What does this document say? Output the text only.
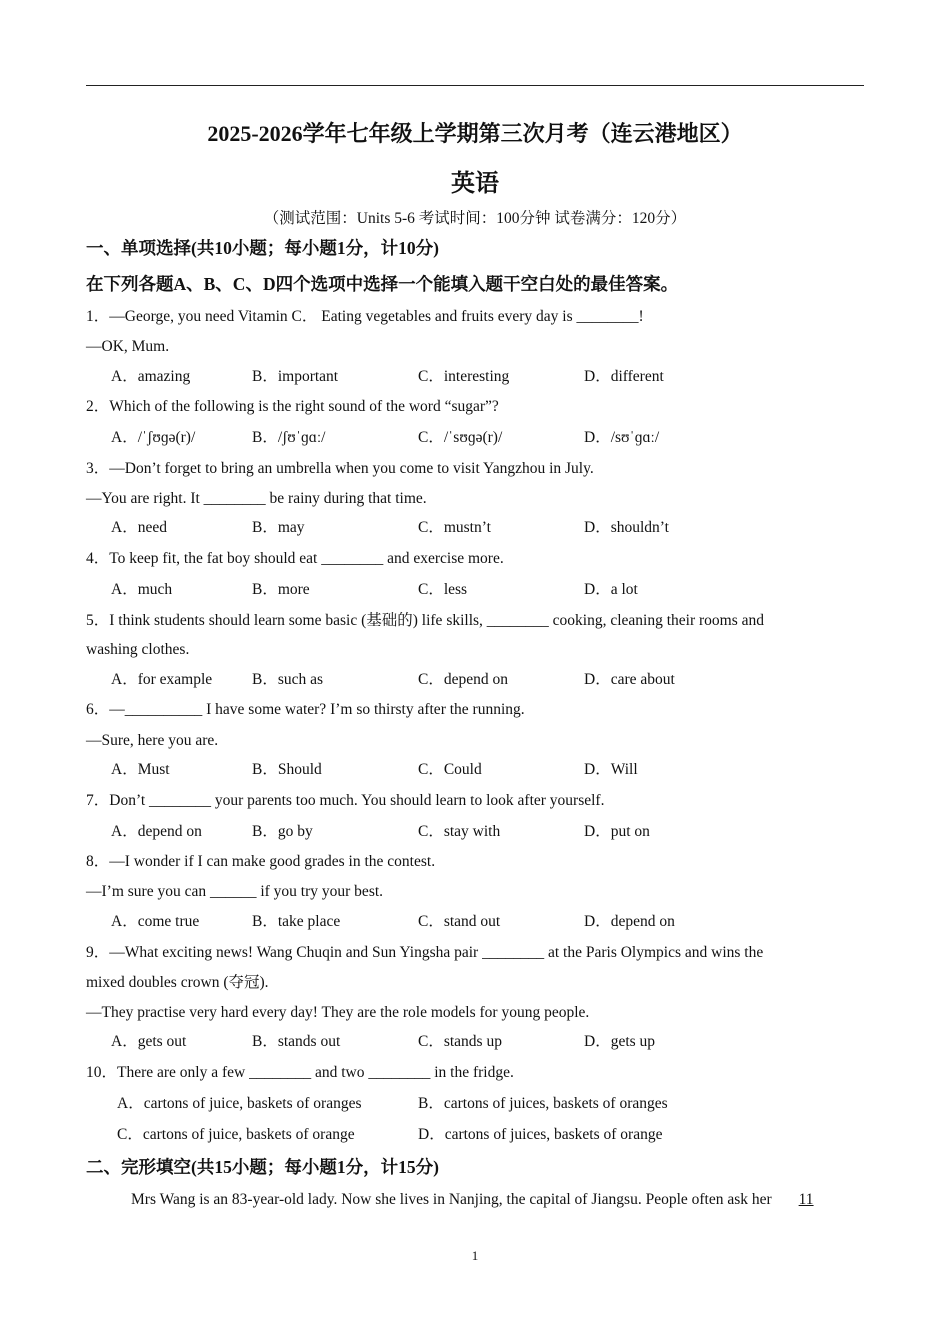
2025-2026学年七年级上学期第三次月考（连云港地区）
英语
（测试范围：Units 5-6 考试时间：100分钟 试卷满分：120分）
一、单项选择(共10小题；每小题1分，计10分)
在下列各题A、B、C、D四个选项中选择一个能填入题干空白处的最佳答案。
1．—George, you need Vitamin C． Eating vegetables and fruits every day is ________!
—OK, Mum.
A．amazing	B．important	C．interesting	D．different
2．Which of the following is the right sound of the word “sugar”?
A．/ˈʃʊɡə(r)/	B．/ʃʊˈɡɑː/	C．/ˈsʊɡə(r)/	D．/sʊˈɡɑː/
3．—Don’t forget to bring an umbrella when you come to visit Yangzhou in July.
—You are right. It ________ be rainy during that time.
A．need	B．may	C．mustn’t	D．shouldn’t
4．To keep fit, the fat boy should eat ________ and exercise more.
A．much	B．more	C．less	D．a lot
5．I think students should learn some basic (基础的) life skills, ________ cooking, cleaning their rooms and
washing clothes.
A．for example	B．such as	C．depend on	D．care about
6．—__________ I have some water? I’m so thirsty after the running.
—Sure, here you are.
A．Must	B．Should	C．Could	D．Will
7．Don’t ________ your parents too much. You should learn to look after yourself.
A．depend on	B．go by	C．stay with	D．put on
8．—I wonder if I can make good grades in the contest.
—I’m sure you can ______ if you try your best.
A．come true	B．take place	C．stand out	D．depend on
9．—What exciting news! Wang Chuqin and Sun Yingsha pair ________ at the Paris Olympics and wins the
mixed doubles crown (夺冠).
—They practise very hard every day! They are the role models for young people.
A．gets out	B．stands out	C．stands up	D．gets up
10．There are only a few ________ and two ________ in the fridge.
A．cartons of juice, baskets of oranges	B．cartons of juices, baskets of oranges
C．cartons of juice, baskets of orange	D．cartons of juices, baskets of orange
二、完形填空(共15小题；每小题1分，计15分)
Mrs Wang is an 83-year-old lady. Now she lives in Nanjing, the capital of Jiangsu. People often ask her 11
1
